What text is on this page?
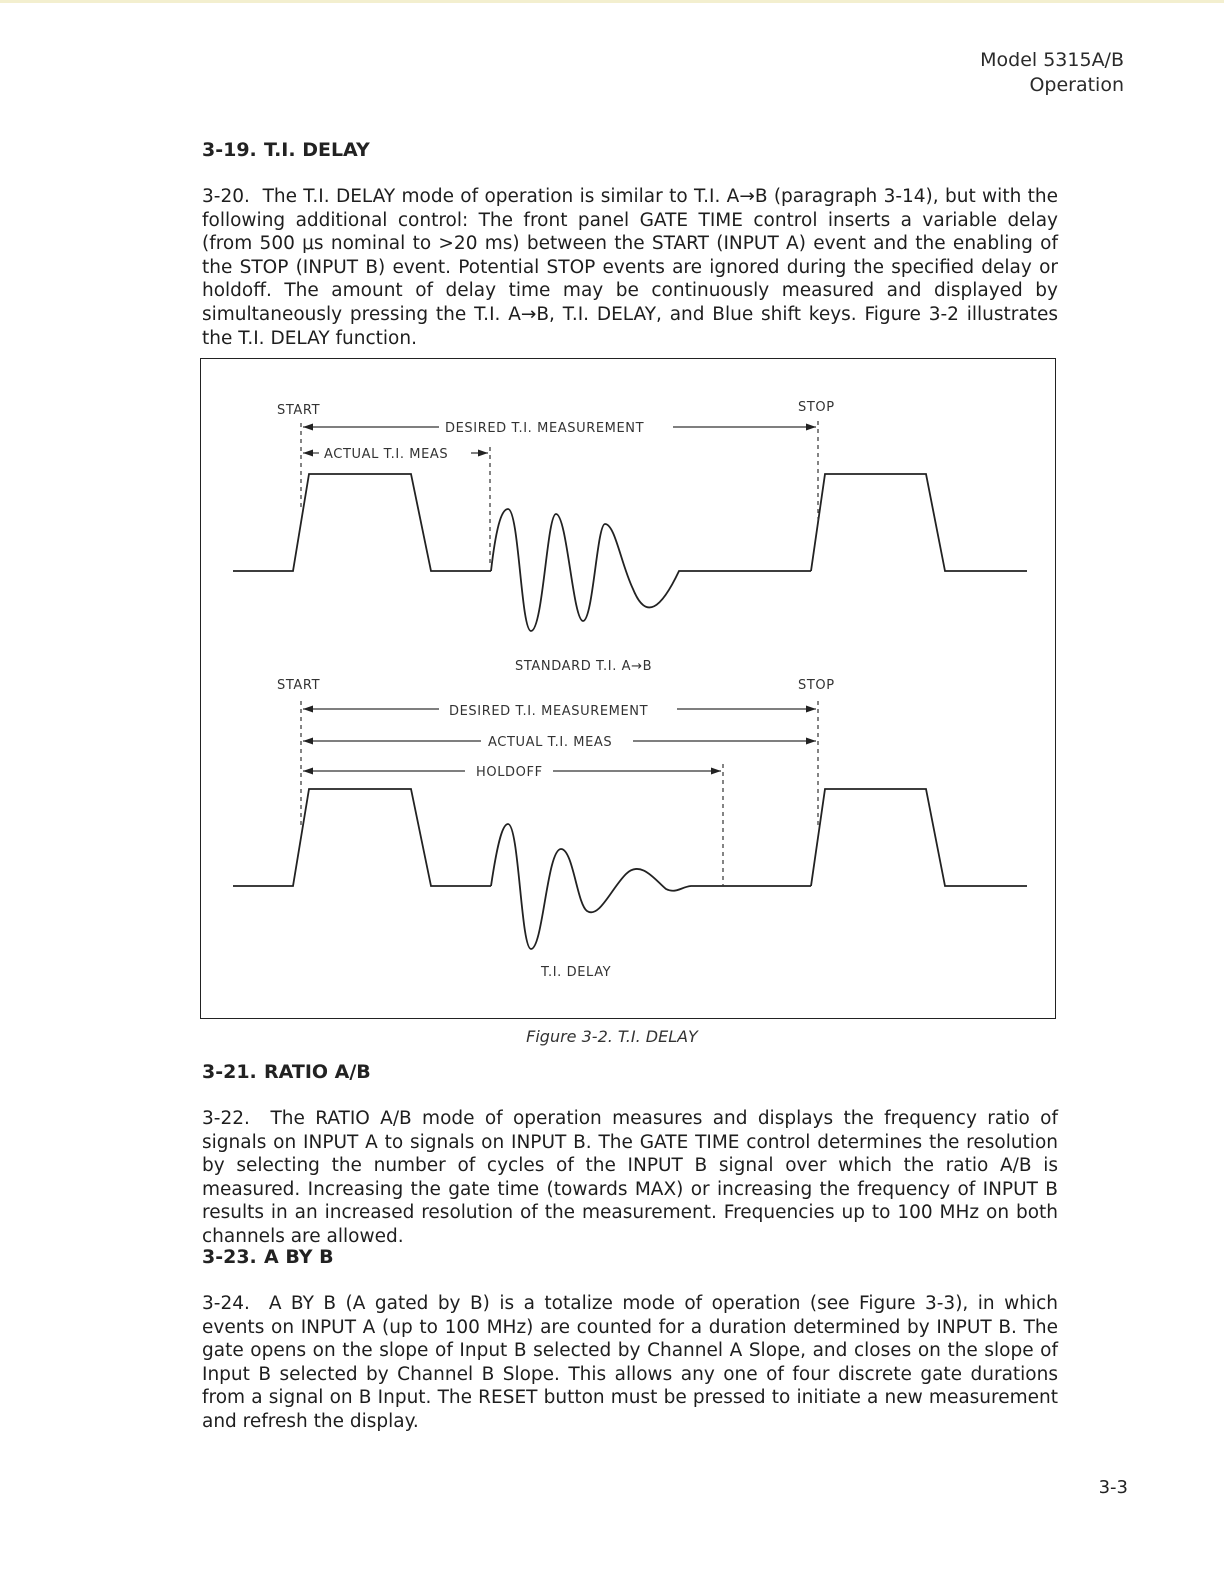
Model 5315A/B
Operation
3-19. T.I. DELAY
3-20. The T.I. DELAY mode of operation is similar to T.I. A→B (paragraph 3-14), but with the following additional control: The front panel GATE TIME control inserts a variable delay (from 500 μs nominal to >20 ms) between the START (INPUT A) event and the enabling of the STOP (INPUT B) event. Potential STOP events are ignored during the specified delay or holdoff. The amount of delay time may be continuously measured and displayed by simultaneously pressing the T.I. A→B, T.I. DELAY, and Blue shift keys. Figure 3-2 illustrates the T.I. DELAY function.
START	STOP
DESIRED T.I. MEASUREMENT
ACTUAL T.I. MEAS
STANDARD T.I. A→B
START	STOP
DESIRED T.I. MEASUREMENT
ACTUAL T.I. MEAS
HOLDOFF
T.I. DELAY
Figure 3-2. T.I. DELAY
3-21. RATIO A/B
3-22. The RATIO A/B mode of operation measures and displays the frequency ratio of signals on INPUT A to signals on INPUT B. The GATE TIME control determines the resolution by selecting the number of cycles of the INPUT B signal over which the ratio A/B is measured. Increasing the gate time (towards MAX) or increasing the frequency of INPUT B results in an increased resolution of the measurement. Frequencies up to 100 MHz on both channels are allowed.
3-23. A BY B
3-24. A BY B (A gated by B) is a totalize mode of operation (see Figure 3-3), in which events on INPUT A (up to 100 MHz) are counted for a duration determined by INPUT B. The gate opens on the slope of Input B selected by Channel A Slope, and closes on the slope of Input B selected by Channel B Slope. This allows any one of four discrete gate durations from a signal on B Input. The RESET button must be pressed to initiate a new measurement and refresh the display.
3-3
